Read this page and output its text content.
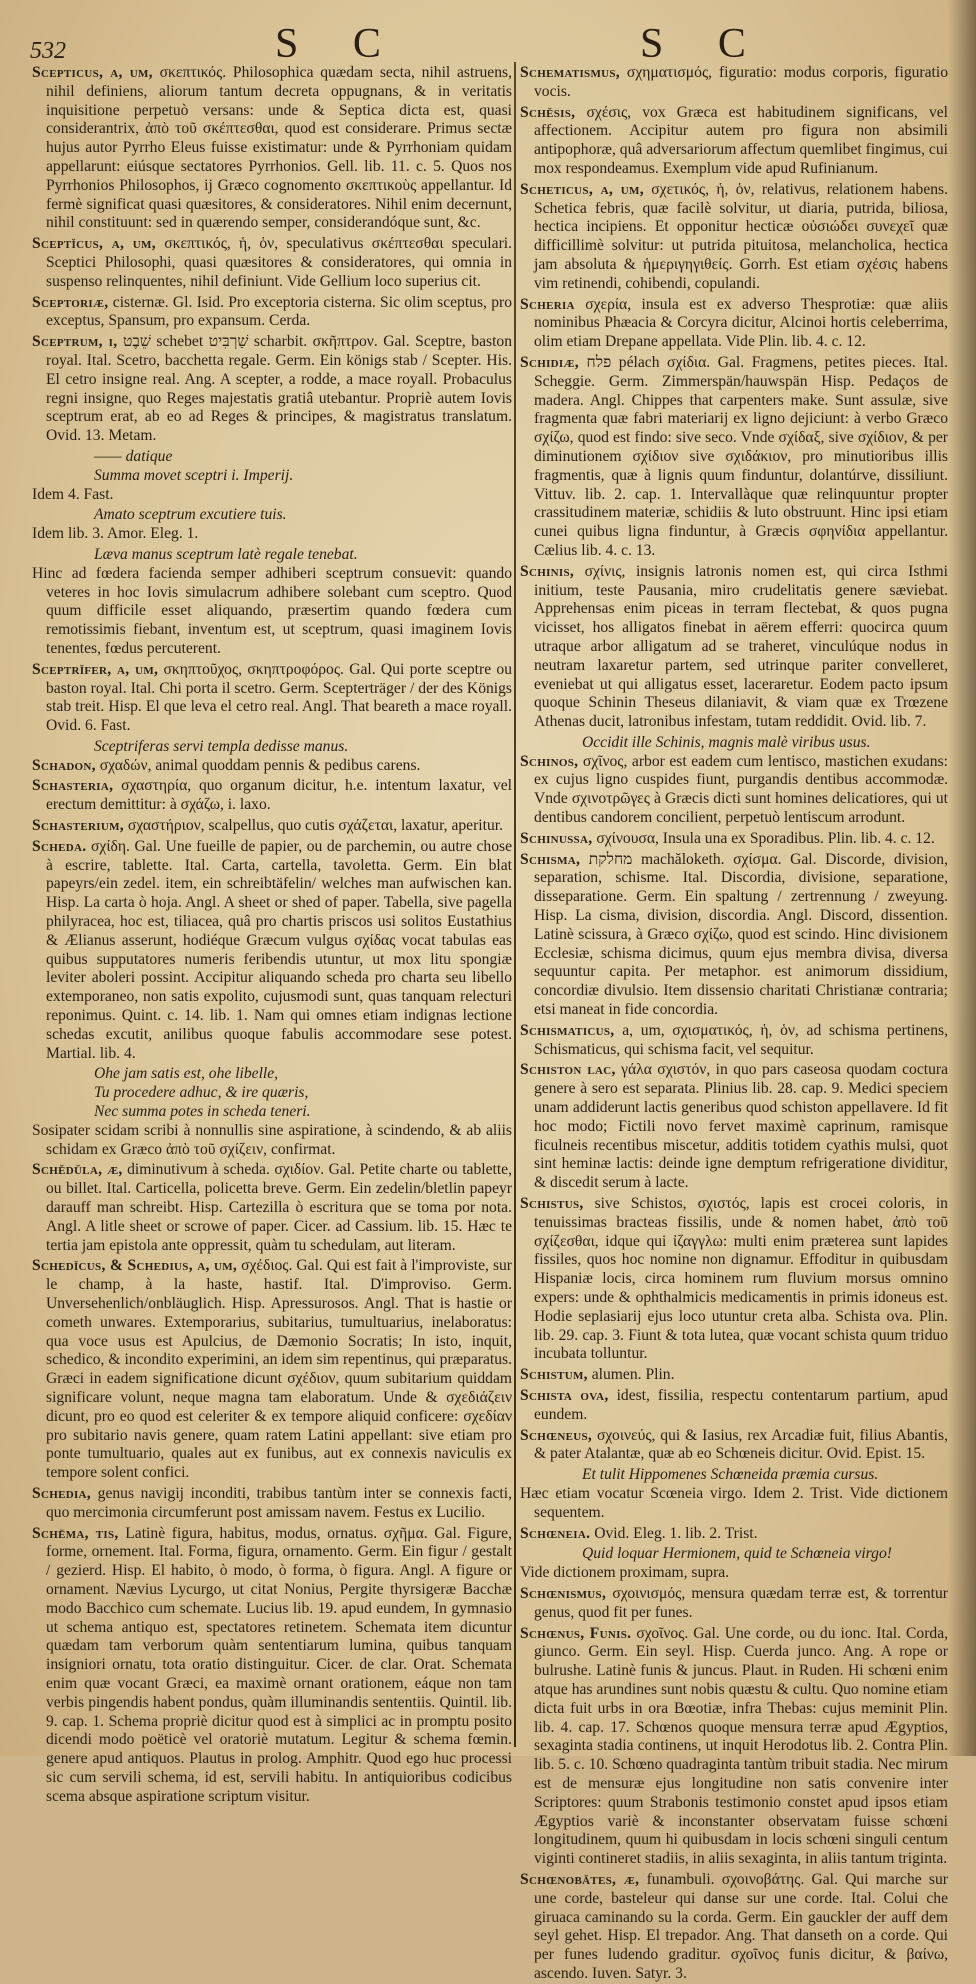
532	S C	S C

Scepticus, a, um, σκεπτικός. Philosophica quædam secta, nihil astruens, nihil definiens, aliorum tantum decreta oppugnans, & in veritatis inquisitione perpetuò versans: unde & Septica dicta est, quasi considerantrix, ἀπὸ τοῦ σκέπτεσθαι, quod est considerare. Primus sectæ hujus autor Pyrrho Eleus fuisse existimatur: unde & Pyrrhoniam quidam appellarunt: eiúsque sectatores Pyrrhonios. Gell. lib. 11. c. 5. Quos nos Pyrrhonios Philosophos, ij Græco cognomento σκεπτικοὺς appellantur. Id fermè significat quasi quæsitores, & consideratores. Nihil enim decernunt, nihil constituunt: sed in quærendo semper, considerandóque sunt, &c.

Sceptĭcus, a, um, σκεπτικός, ἡ, ὁν, speculativus σκέπτεσθαι speculari. Sceptici Philosophi, quasi quæsitores & consideratores, qui omnia in suspenso relinquentes, nihil definiunt. Vide Gellium loco superius cit.

Sceptoriæ, cisternæ. Gl. Isid. Pro exceptoria cisterna. Sic olim sceptus, pro exceptus, Spansum, pro expansum. Cerda.

Sceptrum, i, שֵׁבֶט schebet שַׁרְבִּיט scharbit. σκῆπτρον. Gal. Sceptre, baston royal. Ital. Scetro, bacchetta regale. Germ. Ein königs stab / Scepter. His. El cetro insigne real. Ang. A scepter, a rodde, a mace royall. Probaculus regni insigne, quo Reges majestatis gratiâ utebantur. Propriè autem Iovis sceptrum erat, ab eo ad Reges & principes, & magistratus translatum. Ovid. 13. Metam.

—— datique

Summa movet sceptri i. Imperij.

Idem 4. Fast.

Amato sceptrum excutiere tuis.

Idem lib. 3. Amor. Eleg. 1.

Læva manus sceptrum latè regale tenebat.

Hinc ad fœdera facienda semper adhiberi sceptrum consuevit: quando veteres in hoc Iovis simulacrum adhibere solebant cum sceptro. Quod quum difficile esset aliquando, præsertim quando fœdera cum remotissimis fiebant, inventum est, ut sceptrum, quasi imaginem Iovis tenentes, fœdus percuterent.

Sceptrĭfer, a, um, σκηπτοῦχος, σκηπτροφόρος. Gal. Qui porte sceptre ou baston royal. Ital. Chi porta il scetro. Germ. Scepterträger / der des Königs stab treit. Hisp. El que leva el cetro real. Angl. That beareth a mace royall. Ovid. 6. Fast.

Sceptriferas servi templa dedisse manus.

Schadon, σχαδών, animal quoddam pennis & pedibus carens.

Schasteria, σχαστηρία, quo organum dicitur, h.e. intentum laxatur, vel erectum demittitur: à σχάζω, i. laxo.

Schasterium, σχαστήριον, scalpellus, quo cutis σχάζεται, laxatur, aperitur.

Scheda. σχίδη. Gal. Une fueille de papier, ou de parchemin, ou autre chose à escrire, tablette. Ital. Carta, cartella, tavoletta. Germ. Ein blat papeyrs/ein zedel. item, ein schreibtäfelin/ welches man aufwischen kan. Hisp. La carta ò hoja. Angl. A sheet or shed of paper. Tabella, sive pagella philyracea, hoc est, tiliacea, quâ pro chartis priscos usi solitos Eustathius & Ælianus asserunt, hodiéque Græcum vulgus σχίδας vocat tabulas eas quibus supputatores numeris feribendis utuntur, ut mox litu spongiæ leviter aboleri possint. Accipitur aliquando scheda pro charta seu libello extemporaneo, non satis expolito, cujusmodi sunt, quas tanquam relecturi reponimus. Quint. c. 14. lib. 1. Nam qui omnes etiam indignas lectione schedas excutit, anilibus quoque fabulis accommodare sese potest. Martial. lib. 4.

Ohe jam satis est, ohe libelle,

Tu procedere adhuc, & ire quæris,

Nec summa potes in scheda teneri.

Sosipater scidam scribi à nonnullis sine aspiratione, à scindendo, & ab aliis schidam ex Græco ἀπὸ τοῦ σχίζειν, confirmat.

Schĕdŭla, æ, diminutivum à scheda. σχιδίον. Gal. Petite charte ou tablette, ou billet. Ital. Carticella, policetta breve. Germ. Ein zedelin/bletlin papeyr darauff man schreibt. Hisp. Cartezilla ò escritura que se toma por nota. Angl. A litle sheet or scrowe of paper. Cicer. ad Cassium. lib. 15. Hæc te tertia jam epistola ante oppressit, quàm tu schedulam, aut literam.

Schedĭcus, & Schedius, a, um, σχέδιος. Gal. Qui est fait à l'improviste, sur le champ, à la haste, hastif. Ital. D'improviso. Germ. Unversehenlich/onbläuglich. Hisp. Apressurosos. Angl. That is hastie or cometh unwares. Extemporarius, subitarius, tumultuarius, inelaboratus: qua voce usus est Apulcius, de Dæmonio Socratis; In isto, inquit, schedico, & incondito experimini, an idem sim repentinus, qui præparatus. Græci in eadem significatione dicunt σχέδιον, quum subitarium quiddam significare volunt, neque magna tam elaboratum. Unde & σχεδιάζειν dicunt, pro eo quod est celeriter & ex tempore aliquid conficere: σχεδίαν pro subitario navis genere, quam ratem Latini appellant: sive etiam pro ponte tumultuario, quales aut ex funibus, aut ex connexis naviculis ex tempore solent confici.

Schedia, genus navigij inconditi, trabibus tantùm inter se connexis facti, quo mercimonia circumferunt post amissam navem. Festus ex Lucilio.

Schēma, tis, Latinè figura, habitus, modus, ornatus. σχῆμα. Gal. Figure, forme, ornement. Ital. Forma, figura, ornamento. Germ. Ein figur / gestalt / gezierd. Hisp. El habito, ò modo, ò forma, ò figura. Angl. A figure or ornament. Nævius Lycurgo, ut citat Nonius, Pergite thyrsigeræ Bacchæ modo Bacchico cum schemate. Lucius lib. 19. apud eundem, In gymnasio ut schema antiquo est, spectatores retinetem. Schemata item dicuntur quædam tam verborum quàm sententiarum lumina, quibus tanquam insigniori ornatu, tota oratio distinguitur. Cicer. de clar. Orat. Schemata enim quæ vocant Græci, ea maximè ornant orationem, eáque non tam verbis pingendis habent pondus, quàm illuminandis sententiis. Quintil. lib. 9. cap. 1. Schema propriè dicitur quod est à simplici ac in promptu posito dicendi modo poëticè vel oratoriè mutatum. Legitur & schema fœmin. genere apud antiquos. Plautus in prolog. Amphitr. Quod ego huc processi sic cum servili schema, id est, servili habitu. In antiquioribus codicibus scema absque aspiratione scriptum visitur.

Schematismus, σχηματισμός, figuratio: modus corporis, figuratio vocis.

Schĕsis, σχέσις, vox Græca est habitudinem significans, vel affectionem. Accipitur autem pro figura non absimili antipophoræ, quâ adversariorum affectum quemlibet fingimus, cui mox respondeamus. Exemplum vide apud Rufinianum.

Scheticus, a, um, σχετικός, ἡ, ὁν, relativus, relationem habens. Schetica febris, quæ facilè solvitur, ut diaria, putrida, biliosa, hectica incipiens. Et opponitur hecticæ οὐσιώδει συνεχεῖ quæ difficillimè solvitur: ut putrida pituitosa, melancholica, hectica jam absoluta & ἡμεριγηγιθείς. Gorrh. Est etiam σχέσις habens vim retinendi, cohibendi, copulandi.

Scheria σχερία, insula est ex adverso Thesprotiæ: quæ aliis nominibus Phæacia & Corcyra dicitur, Alcinoi hortis celeberrima, olim etiam Drepane appellata. Vide Plin. lib. 4. c. 12.

Schidiæ, פלח pélach σχίδια. Gal. Fragmens, petites pieces. Ital. Scheggie. Germ. Zimmerspän/hauwspän Hisp. Pedaços de madera. Angl. Chippes that carpenters make. Sunt assulæ, sive fragmenta quæ fabri materiarij ex ligno dejiciunt: à verbo Græco σχίζω, quod est findo: sive seco. Vnde σχίδαξ, sive σχίδιον, & per diminutionem σχίδιον sive σχιδάκιον, pro minutioribus illis fragmentis, quæ à lignis quum finduntur, dolantúrve, dissiliunt. Vittuv. lib. 2. cap. 1. Intervallàque quæ relinquuntur propter crassitudinem materiæ, schidiis & luto obstruunt. Hinc ipsi etiam cunei quibus ligna finduntur, à Græcis σφηνίδια appellantur. Cælius lib. 4. c. 13.

Schinis, σχίνις, insignis latronis nomen est, qui circa Isthmi initium, teste Pausania, miro crudelitatis genere sæviebat. Apprehensas enim piceas in terram flectebat, & quos pugna vicisset, hos alligatos finebat in aërem efferri: quocirca quum utraque arbor alligatum ad se traheret, vinculúque nodus in neutram laxaretur partem, sed utrinque pariter convelleret, eveniebat ut qui alligatus esset, laceraretur. Eodem pacto ipsum quoque Schinin Theseus dilaniavit, & viam quæ ex Trœzene Athenas ducit, latronibus infestam, tutam reddidit. Ovid. lib. 7.

Occidit ille Schinis, magnis malè viribus usus.

Schinos, σχῖνος, arbor est eadem cum lentisco, mastichen exudans: ex cujus ligno cuspides fiunt, purgandis dentibus accommodæ. Vnde σχινοτρῶγες à Græcis dicti sunt homines delicatiores, qui ut dentibus candorem concilient, perpetuò lentiscum arrodunt.

Schinussa, σχίνουσα, Insula una ex Sporadibus. Plin. lib. 4. c. 12.

Schisma, מחלקת machăloketh. σχίσμα. Gal. Discorde, division, separation, schisme. Ital. Discordia, divisione, separatione, disseparatione. Germ. Ein spaltung / zertrennung / zweyung. Hisp. La cisma, division, discordia. Angl. Discord, dissention. Latinè scissura, à Græco σχίζω, quod est scindo. Hinc divisionem Ecclesiæ, schisma dicimus, quum ejus membra divisa, diversa sequuntur capita. Per metaphor. est animorum dissidium, concordiæ divulsio. Item dissensio charitati Christianæ contraria; etsi maneat in fide concordia.

Schismaticus, a, um, σχισματικός, ἡ, ὁν, ad schisma pertinens, Schismaticus, qui schisma facit, vel sequitur.

Schiston lac, γάλα σχιστόν, in quo pars caseosa quodam coctura genere à sero est separata. Plinius lib. 28. cap. 9. Medici speciem unam addiderunt lactis generibus quod schiston appellavere. Id fit hoc modo; Fictili novo fervet maximè caprinum, ramisque ficulneis recentibus miscetur, additis totidem cyathis mulsi, quot sint heminæ lactis: deinde igne demptum refrigeratione dividitur, & discedit serum à lacte.

Schistus, sive Schistos, σχιστός, lapis est crocei coloris, in tenuissimas bracteas fissilis, unde & nomen habet, ἀπὸ τοῦ σχίζεσθαι, idque qui ἰζαγγλω: multi enim præterea sunt lapides fissiles, quos hoc nomine non dignamur. Effoditur in quibusdam Hispaniæ locis, circa hominem rum fluvium morsus omnino expers: unde & ophthalmicis medicamentis in primis idoneus est. Hodie seplasiarij ejus loco utuntur creta alba. Schista ova. Plin. lib. 29. cap. 3. Fiunt & tota lutea, quæ vocant schista quum triduo incubata tolluntur.

Schistum, alumen. Plin.

Schista ova, idest, fissilia, respectu contentarum partium, apud eundem.

Schœneus, σχοινεύς, qui & Iasius, rex Arcadiæ fuit, filius Abantis, & pater Atalantæ, quæ ab eo Schœneis dicitur. Ovid. Epist. 15.

Et tulit Hippomenes Schœneida præmia cursus.

Hæc etiam vocatur Scœneia virgo. Idem 2. Trist. Vide dictionem sequentem.

Schœneia. Ovid. Eleg. 1. lib. 2. Trist.

Quid loquar Hermionem, quid te Schœneia virgo!

Vide dictionem proximam, supra.

Schœnismus, σχοινισμός, mensura quædam terræ est, & torrentur genus, quod fit per funes.

Schœnus, Funis. σχοῖνος. Gal. Une corde, ou du ionc. Ital. Corda, giunco. Germ. Ein seyl. Hisp. Cuerda junco. Ang. A rope or bulrushe. Latinè funis & juncus. Plaut. in Ruden. Hi schœni enim atque has arundines sunt nobis quæstu & cultu. Quo nomine etiam dicta fuit urbs in ora Bœotiæ, infra Thebas: cujus meminit Plin. lib. 4. cap. 17. Schœnos quoque mensura terræ apud Ægyptios, sexaginta stadia continens, ut inquit Herodotus lib. 2. Contra Plin. lib. 5. c. 10. Schœno quadraginta tantùm tribuit stadia. Nec mirum est de mensuræ ejus longitudine non satis convenire inter Scriptores: quum Strabonis testimonio constet apud ipsos etiam Ægyptios variè & inconstanter observatam fuisse schœni longitudinem, quum hi quibusdam in locis schœni singuli centum viginti contineret stadiis, in aliis sexaginta, in aliis tantum triginta.

Schœnobătes, æ, funambuli. σχοινοβάτης. Gal. Qui marche sur une corde, basteleur qui danse sur une corde. Ital. Colui che giruaca caminando su la corda. Germ. Ein gauckler der auff dem seyl gehet. Hisp. El trepador. Ang. That danseth on a corde. Qui per funes ludendo graditur. σχοῖνος funis dicitur, & βαίνω, ascendo. Iuven. Satyr. 3.
